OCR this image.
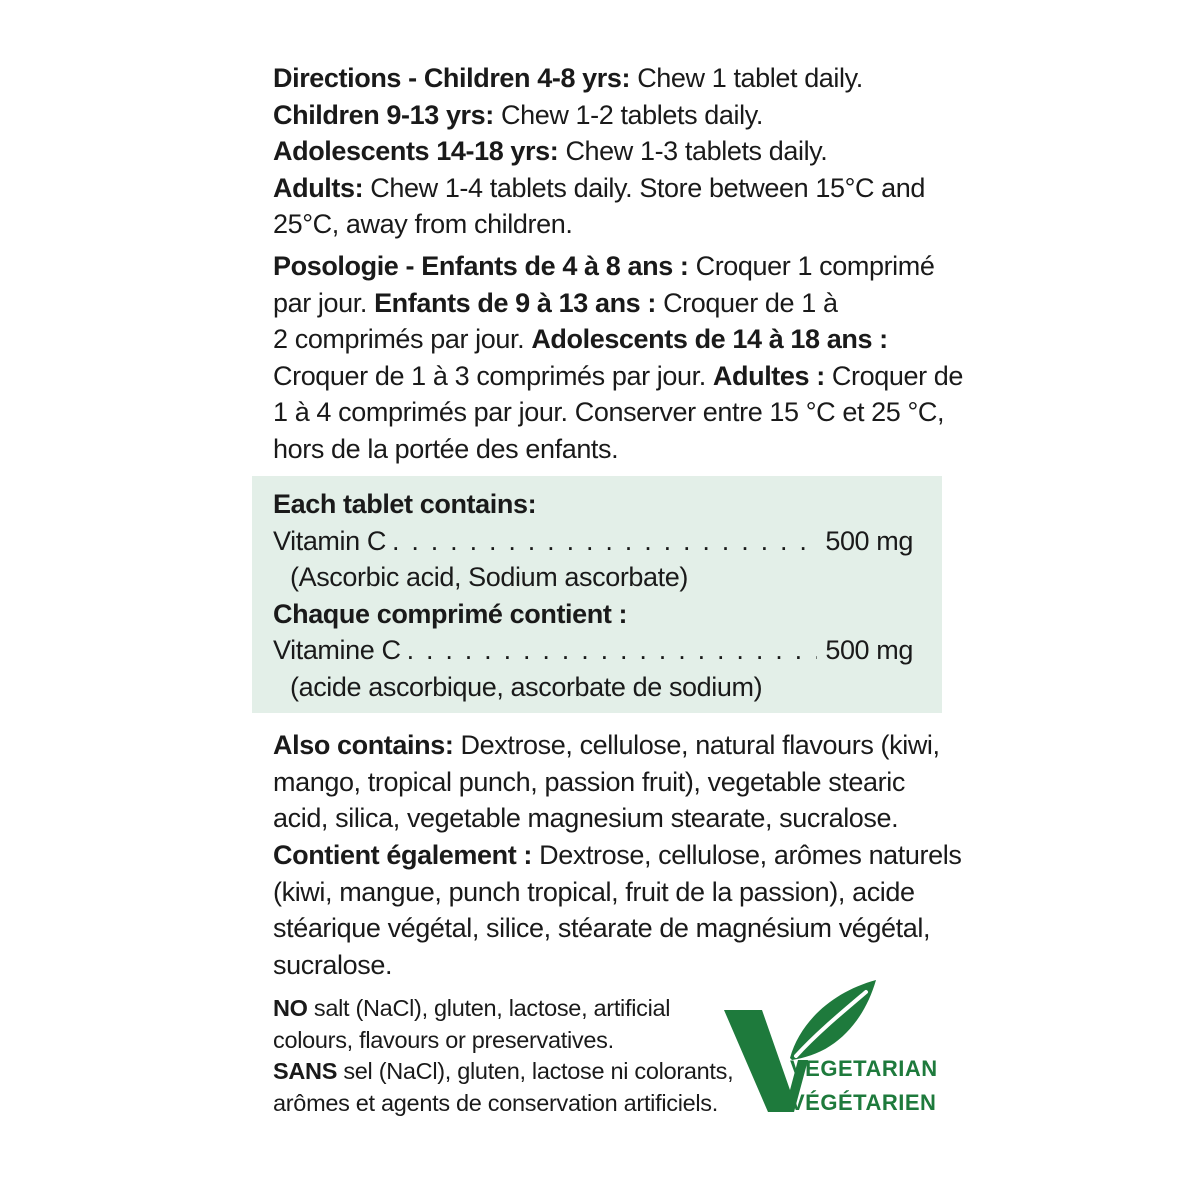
Directions - Children 4-8 yrs: Chew 1 tablet daily.
Children 9-13 yrs: Chew 1-2 tablets daily.
Adolescents 14-18 yrs: Chew 1-3 tablets daily.
Adults: Chew 1-4 tablets daily. Store between 15°C and
25°C, away from children.
Posologie - Enfants de 4 à 8 ans : Croquer 1 comprimé
par jour. Enfants de 9 à 13 ans : Croquer de 1 à
2 comprimés par jour. Adolescents de 14 à 18 ans :
Croquer de 1 à 3 comprimés par jour. Adultes : Croquer de
1 à 4 comprimés par jour. Conserver entre 15 °C et 25 °C,
hors de la portée des enfants.
Each tablet contains:
Vitamin C . . .	500 mg
(Ascorbic acid, Sodium ascorbate)
Chaque comprimé contient :
Vitamine C . . .	500 mg
(acide ascorbique, ascorbate de sodium)
Also contains: Dextrose, cellulose, natural flavours (kiwi,
mango, tropical punch, passion fruit), vegetable stearic
acid, silica, vegetable magnesium stearate, sucralose.
Contient également : Dextrose, cellulose, arômes naturels
(kiwi, mangue, punch tropical, fruit de la passion), acide
stéarique végétal, silice, stéarate de magnésium végétal,
sucralose.
NO salt (NaCl), gluten, lactose, artificial
colours, flavours or preservatives.
SANS sel (NaCl), gluten, lactose ni colorants,
arômes et agents de conservation artificiels.
VEGETARIAN
VÉGÉTARIEN
